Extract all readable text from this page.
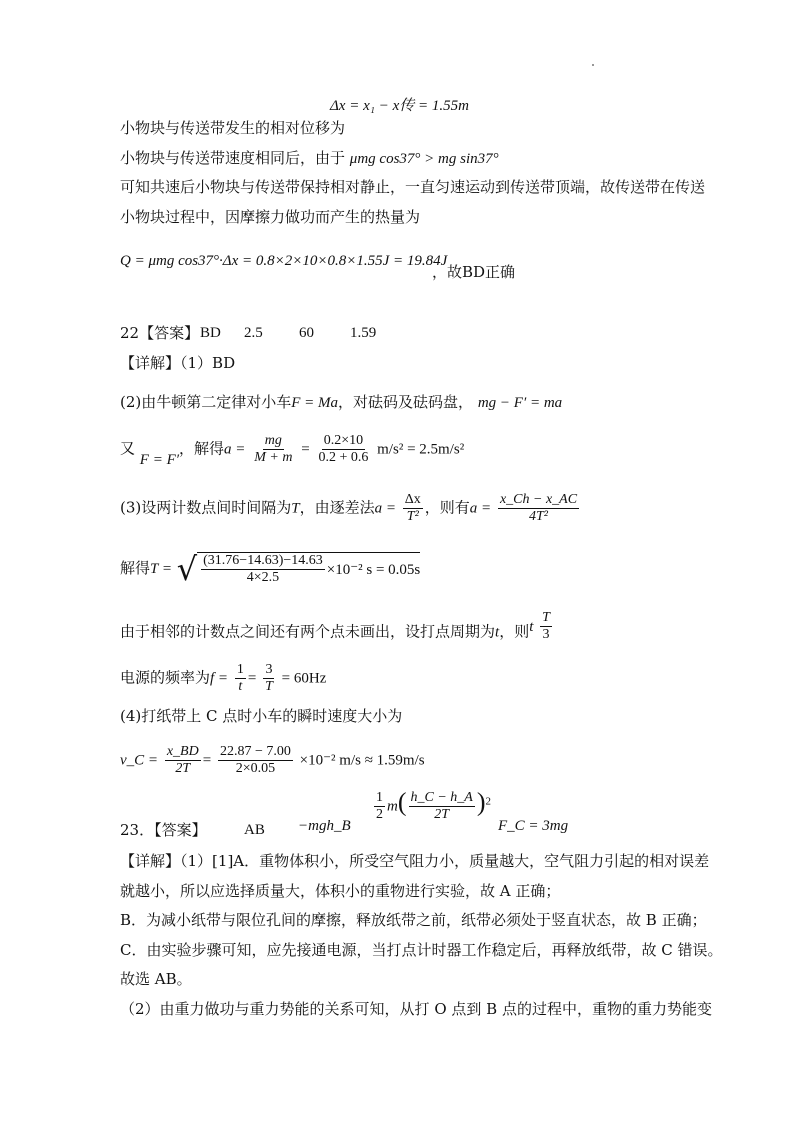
小物块与传送带发生的相对位移为
Δx = x₁ − x传 = 1.55m
小物块与传送带速度相同后，由于 μmg cos37° > mg sin37°
可知共速后小物块与传送带保持相对静止，一直匀速运动到传送带顶端，故传送带在传送
小物块过程中，因摩擦力做功而产生的热量为
Q = μmg cos37°·Δx = 0.8×2×10×0.8×1.55J = 19.84J
，故BD正确
22【答案】 BD 2.5 60 1.59
【详解】（1）BD
(2)由牛顿第二定律对小车F = Ma，对砝码及砝码盘， mg − F′ = ma
又 F = F′，解得$a = \frac{mg}{M + m} = \frac{0.2\times 10}{0.2 + 0.6} m/s^2 = 2.5m/s^2$
(3)设两计数点间时间隔为T，由逐差法$a = \frac{\Delta x}{\text{T²}}$ ，则有$a = \frac{x\_Ch - x\_AC}{\text{4T²}}$
解得T = √ $\frac{(31.76-14.63)-14.63}{4\times 2.5} \times 10^{-2}$ s = 0.05s
由于相邻的计数点之间还有两个点未画出，设打点周期为t，则t $\frac{T}{3}$
电源的频率为$f = \frac{1}{t} = \frac{3}{T} = 60Hz$
(4)打纸带上 C 点时小车的瞬时速度大小为
v_C = $\frac{x\_BD}{2T} = \frac{22.87 - 7.00}{2\times 0.05} \times 10^{-2}$ m/s ≈ 1.59m/s
23．【答案】 AB −mgh_B
$\frac{1}{2} m( \frac{h\_C - h\_A}{2T} )^2$
F_C = 3mg
【详解】（1）[1]A．重物体积小，所受空气阻力小，质量越大，空气阻力引起的相对误差
就越小，所以应选择质量大，体积小的重物进行实验，故 A 正确；
B．为减小纸带与限位孔间的摩擦，释放纸带之前，纸带必须处于竖直状态，故 B 正确；
C．由实验步骤可知，应先接通电源，当打点计时器工作稳定后，再释放纸带，故 C 错误。
故选 AB。
（2）由重力做功与重力势能的关系可知，从打 O 点到 B 点的过程中，重物的重力势能变
